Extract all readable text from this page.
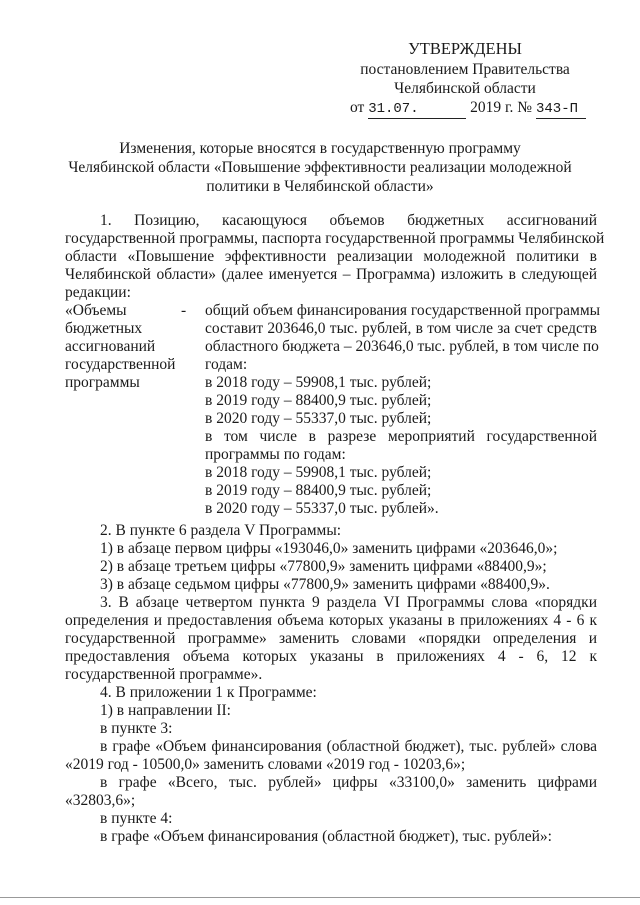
УТВЕРЖДЕНЫ
постановлением Правительства
Челябинской области
от 31.07.	2019 г. № 343-П
Изменения, которые вносятся в государственную программу
Челябинской области «Повышение эффективности реализации молодежной
политики в Челябинской области»
1. Позицию, касающуюся объемов бюджетных ассигнований
государственной программы, паспорта государственной программы Челябинской
области «Повышение эффективности реализации молодежной политики в
Челябинской области» (далее именуется – Программа) изложить в следующей
редакции:
«Объемы
бюджетных
ассигнований
государственной
программы
- общий объем финансирования государственной программы
составит 203646,0 тыс. рублей, в том числе за счет средств
областного бюджета – 203646,0 тыс. рублей, в том числе по
годам:
в 2018 году – 59908,1 тыс. рублей;
в 2019 году – 88400,9 тыс. рублей;
в 2020 году – 55337,0 тыс. рублей;
в том числе в разрезе мероприятий государственной
программы по годам:
в 2018 году – 59908,1 тыс. рублей;
в 2019 году – 88400,9 тыс. рублей;
в 2020 году – 55337,0 тыс. рублей».
2. В пункте 6 раздела V Программы:
1) в абзаце первом цифры «193046,0» заменить цифрами «203646,0»;
2) в абзаце третьем цифры «77800,9» заменить цифрами «88400,9»;
3) в абзаце седьмом цифры «77800,9» заменить цифрами «88400,9».
3. В абзаце четвертом пункта 9 раздела VI Программы слова «порядки
определения и предоставления объема которых указаны в приложениях 4 - 6 к
государственной программе» заменить словами «порядки определения и
предоставления объема которых указаны в приложениях 4 - 6, 12 к
государственной программе».
4. В приложении 1 к Программе:
1) в направлении II:
в пункте 3:
в графе «Объем финансирования (областной бюджет), тыс. рублей» слова
«2019 год - 10500,0» заменить словами «2019 год - 10203,6»;
в графе «Всего, тыс. рублей» цифры «33100,0» заменить цифрами
«32803,6»;
в пункте 4:
в графе «Объем финансирования (областной бюджет), тыс. рублей»:
